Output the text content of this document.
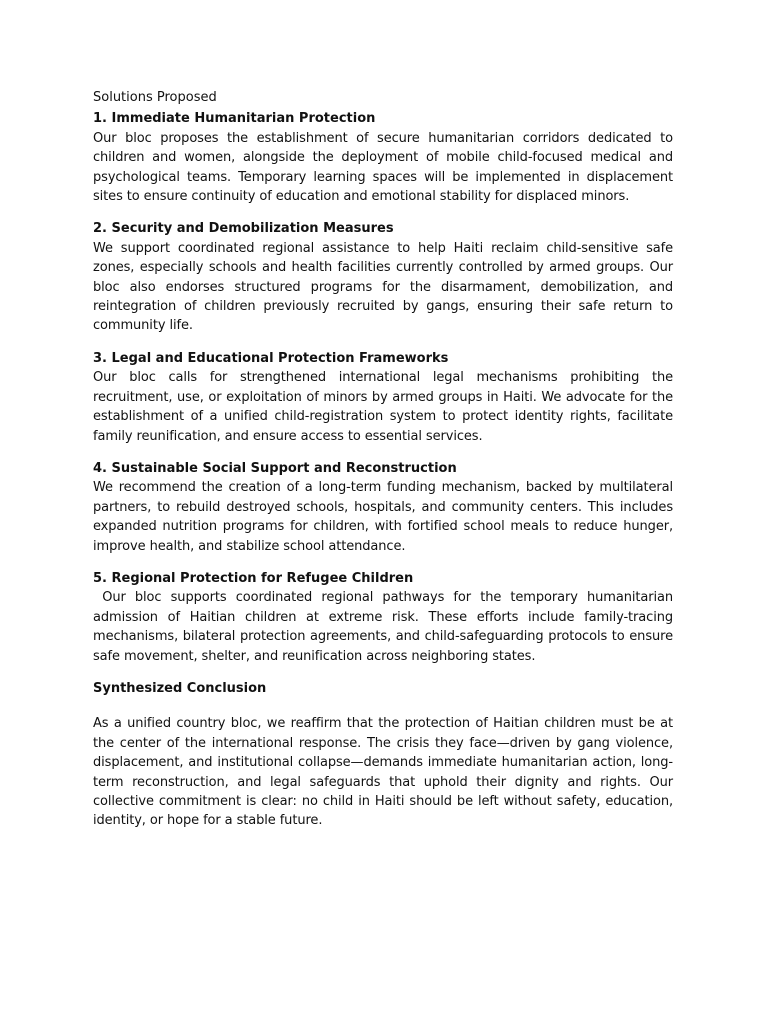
Solutions Proposed
1. Immediate Humanitarian Protection
Our bloc proposes the establishment of secure humanitarian corridors dedicated to children and women, alongside the deployment of mobile child-focused medical and psychological teams. Temporary learning spaces will be implemented in displacement sites to ensure continuity of education and emotional stability for displaced minors.
2. Security and Demobilization Measures
We support coordinated regional assistance to help Haiti reclaim child-sensitive safe zones, especially schools and health facilities currently controlled by armed groups. Our bloc also endorses structured programs for the disarmament, demobilization, and reintegration of children previously recruited by gangs, ensuring their safe return to community life.
3. Legal and Educational Protection Frameworks
Our bloc calls for strengthened international legal mechanisms prohibiting the recruitment, use, or exploitation of minors by armed groups in Haiti. We advocate for the establishment of a unified child-registration system to protect identity rights, facilitate family reunification, and ensure access to essential services.
4. Sustainable Social Support and Reconstruction
We recommend the creation of a long-term funding mechanism, backed by multilateral partners, to rebuild destroyed schools, hospitals, and community centers. This includes expanded nutrition programs for children, with fortified school meals to reduce hunger, improve health, and stabilize school attendance.
5. Regional Protection for Refugee Children
Our bloc supports coordinated regional pathways for the temporary humanitarian admission of Haitian children at extreme risk. These efforts include family-tracing mechanisms, bilateral protection agreements, and child-safeguarding protocols to ensure safe movement, shelter, and reunification across neighboring states.
Synthesized Conclusion
As a unified country bloc, we reaffirm that the protection of Haitian children must be at the center of the international response. The crisis they face—driven by gang violence, displacement, and institutional collapse—demands immediate humanitarian action, long-term reconstruction, and legal safeguards that uphold their dignity and rights. Our collective commitment is clear: no child in Haiti should be left without safety, education, identity, or hope for a stable future.
